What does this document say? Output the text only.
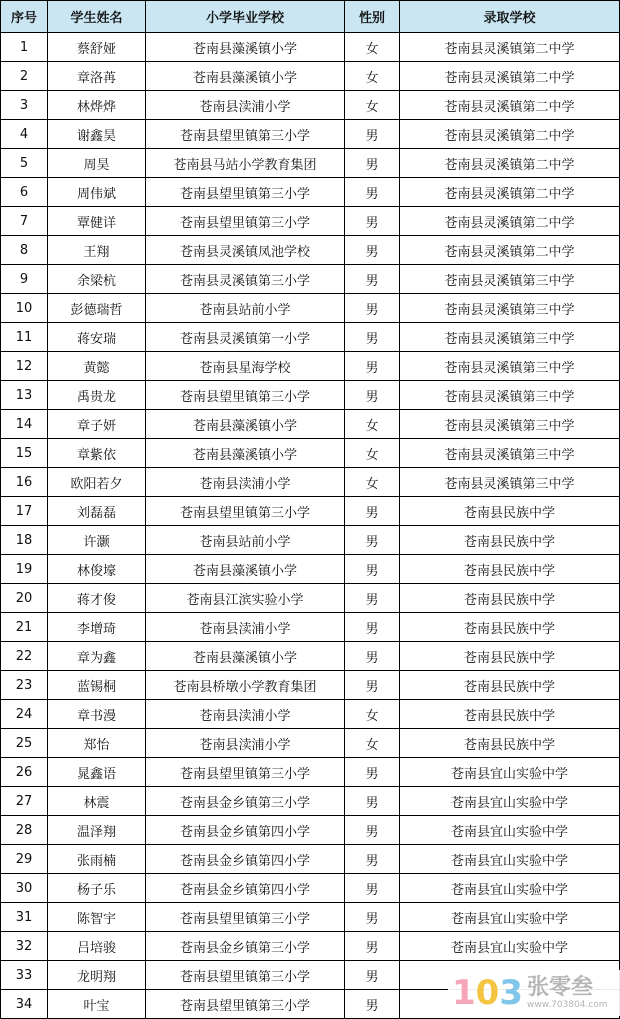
序号	学生姓名	小学毕业学校	性别	录取学校
1	蔡舒娅	苍南县藻溪镇小学	女	苍南县灵溪镇第二中学
2	章洛苒	苍南县藻溪镇小学	女	苍南县灵溪镇第二中学
3	林烨烨	苍南县渎浦小学	女	苍南县灵溪镇第二中学
4	谢鑫昊	苍南县望里镇第三小学	男	苍南县灵溪镇第二中学
5	周昊	苍南县马站小学教育集团	男	苍南县灵溪镇第二中学
6	周伟斌	苍南县望里镇第三小学	男	苍南县灵溪镇第二中学
7	覃健详	苍南县望里镇第三小学	男	苍南县灵溪镇第二中学
8	王翔	苍南县灵溪镇凤池学校	男	苍南县灵溪镇第二中学
9	余梁杭	苍南县灵溪镇第三小学	男	苍南县灵溪镇第三中学
10	彭德瑞哲	苍南县站前小学	男	苍南县灵溪镇第三中学
11	蒋安瑞	苍南县灵溪镇第一小学	男	苍南县灵溪镇第三中学
12	黄懿	苍南县星海学校	男	苍南县灵溪镇第三中学
13	禹贵龙	苍南县望里镇第三小学	男	苍南县灵溪镇第三中学
14	章子妍	苍南县藻溪镇小学	女	苍南县灵溪镇第三中学
15	章紫依	苍南县藻溪镇小学	女	苍南县灵溪镇第三中学
16	欧阳若夕	苍南县渎浦小学	女	苍南县灵溪镇第三中学
17	刘磊磊	苍南县望里镇第三小学	男	苍南县民族中学
18	许灏	苍南县站前小学	男	苍南县民族中学
19	林俊壕	苍南县藻溪镇小学	男	苍南县民族中学
20	蒋才俊	苍南县江滨实验小学	男	苍南县民族中学
21	李增琦	苍南县渎浦小学	男	苍南县民族中学
22	章为鑫	苍南县藻溪镇小学	男	苍南县民族中学
23	蓝锡桐	苍南县桥墩小学教育集团	男	苍南县民族中学
24	章书漫	苍南县渎浦小学	女	苍南县民族中学
25	郑怡	苍南县渎浦小学	女	苍南县民族中学
26	晁鑫语	苍南县望里镇第三小学	男	苍南县宜山实验中学
27	林震	苍南县金乡镇第三小学	男	苍南县宜山实验中学
28	温泽翔	苍南县金乡镇第四小学	男	苍南县宜山实验中学
29	张雨楠	苍南县金乡镇第四小学	男	苍南县宜山实验中学
30	杨子乐	苍南县金乡镇第四小学	男	苍南县宜山实验中学
31	陈智宇	苍南县望里镇第三小学	男	苍南县宜山实验中学
32	吕培骏	苍南县金乡镇第三小学	男	苍南县宜山实验中学
33	龙明翔	苍南县望里镇第三小学	男	
34	叶宝	苍南县望里镇第三小学	男	1 0 3 张零叁
www.703804.com
